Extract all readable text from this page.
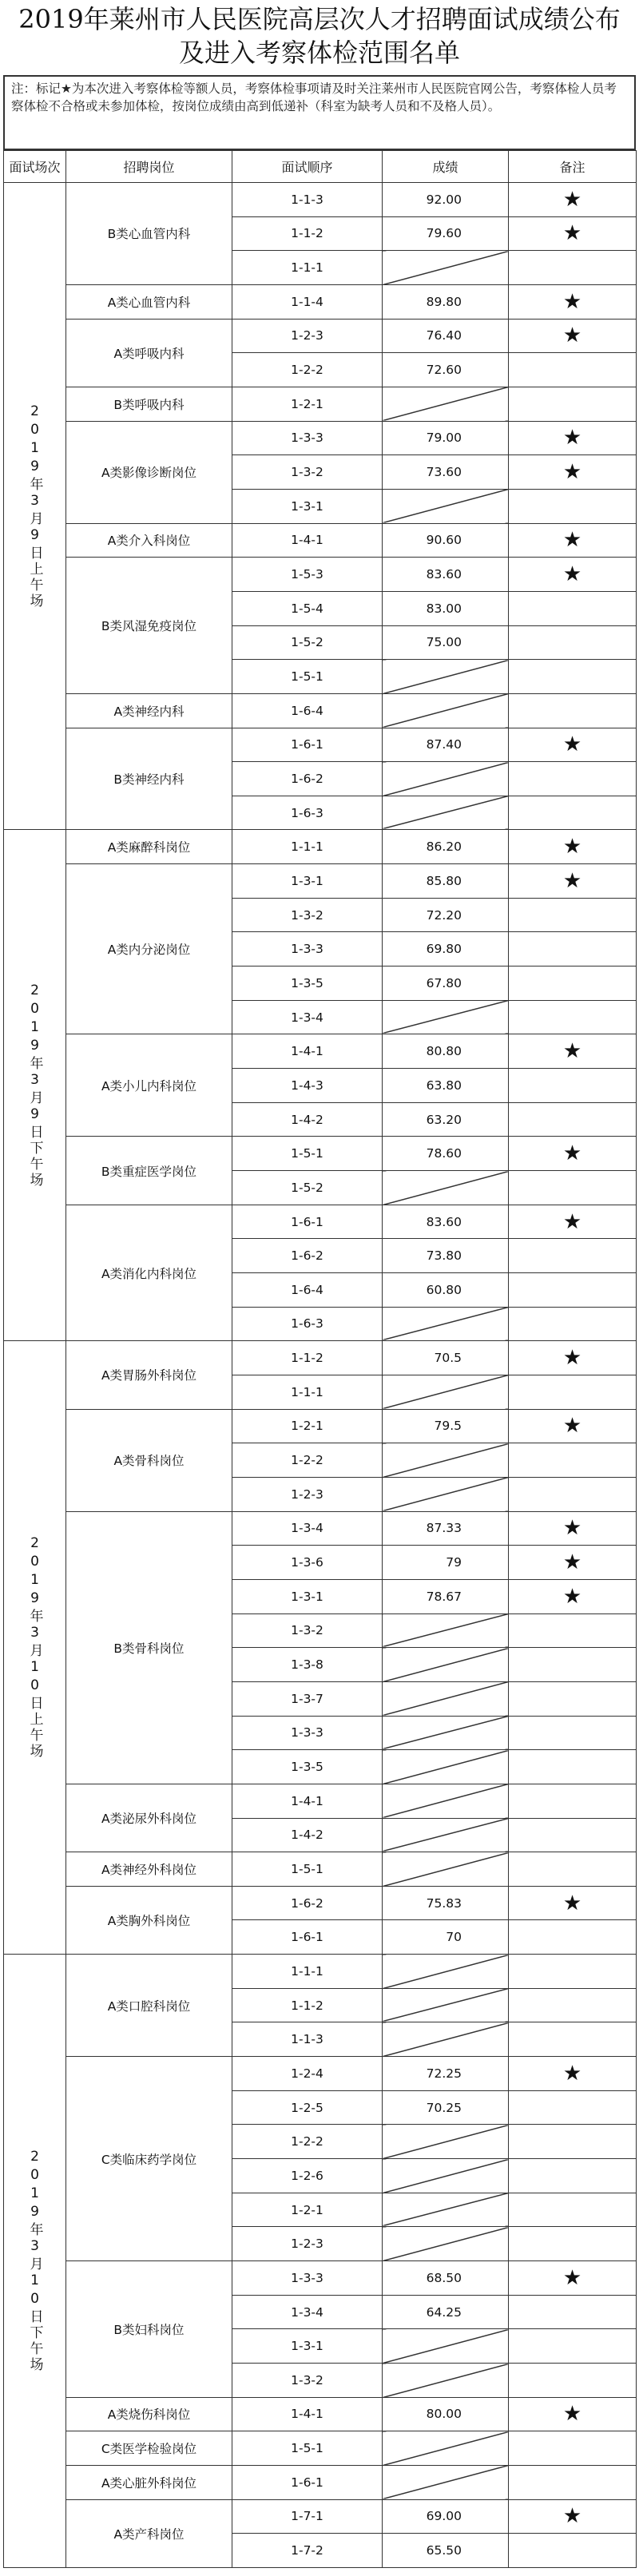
2019年莱州市人民医院高层次人才招聘面试成绩公布
及进入考察体检范围名单
注：标记★为本次进入考察体检等额人员，考察体检事项请及时关注莱州市人民医院官网公告，考察体检人员考察体检不合格或未参加体检，按岗位成绩由高到低递补（科室为缺考人员和不及格人员）。
面试场次	招聘岗位	面试顺序	成绩	备注
2019年3月9日上午场	B类心血管内科	1-1-3	92.00	★
		1-1-2	79.60	★
		1-1-1		
	A类心血管内科	1-1-4	89.80	★
	A类呼吸内科	1-2-3	76.40	★
		1-2-2	72.60	
	B类呼吸内科	1-2-1		
	A类影像诊断岗位	1-3-3	79.00	★
		1-3-2	73.60	★
		1-3-1		
	A类介入科岗位	1-4-1	90.60	★
	B类风湿免疫岗位	1-5-3	83.60	★
		1-5-4	83.00	
		1-5-2	75.00	
		1-5-1		
	A类神经内科	1-6-4		
	B类神经内科	1-6-1	87.40	★
		1-6-2		
		1-6-3		
2019年3月9日下午场	A类麻醉科岗位	1-1-1	86.20	★
	A类内分泌岗位	1-3-1	85.80	★
		1-3-2	72.20	
		1-3-3	69.80	
		1-3-5	67.80	
		1-3-4		
	A类小儿内科岗位	1-4-1	80.80	★
		1-4-3	63.80	
		1-4-2	63.20	
	B类重症医学岗位	1-5-1	78.60	★
		1-5-2		
	A类消化内科岗位	1-6-1	83.60	★
		1-6-2	73.80	
		1-6-4	60.80	
		1-6-3		
2019年3月10日上午场	A类胃肠外科岗位	1-1-2	70.5	★
		1-1-1		
	A类骨科岗位	1-2-1	79.5	★
		1-2-2		
		1-2-3		
	B类骨科岗位	1-3-4	87.33	★
		1-3-6	79	★
		1-3-1	78.67	★
		1-3-2		
		1-3-8		
		1-3-7		
		1-3-3		
		1-3-5		
	A类泌尿外科岗位	1-4-1		
		1-4-2		
	A类神经外科岗位	1-5-1		
	A类胸外科岗位	1-6-2	75.83	★
		1-6-1	70	
2019年3月10日下午场	A类口腔科岗位	1-1-1		
		1-1-2		
		1-1-3		
	C类临床药学岗位	1-2-4	72.25	★
		1-2-5	70.25	
		1-2-2		
		1-2-6		
		1-2-1		
		1-2-3		
	B类妇科岗位	1-3-3	68.50	★
		1-3-4	64.25	
		1-3-1		
		1-3-2		
	A类烧伤科岗位	1-4-1	80.00	★
	C类医学检验岗位	1-5-1		
	A类心脏外科岗位	1-6-1		
	A类产科岗位	1-7-1	69.00	★
		1-7-2	65.50	
